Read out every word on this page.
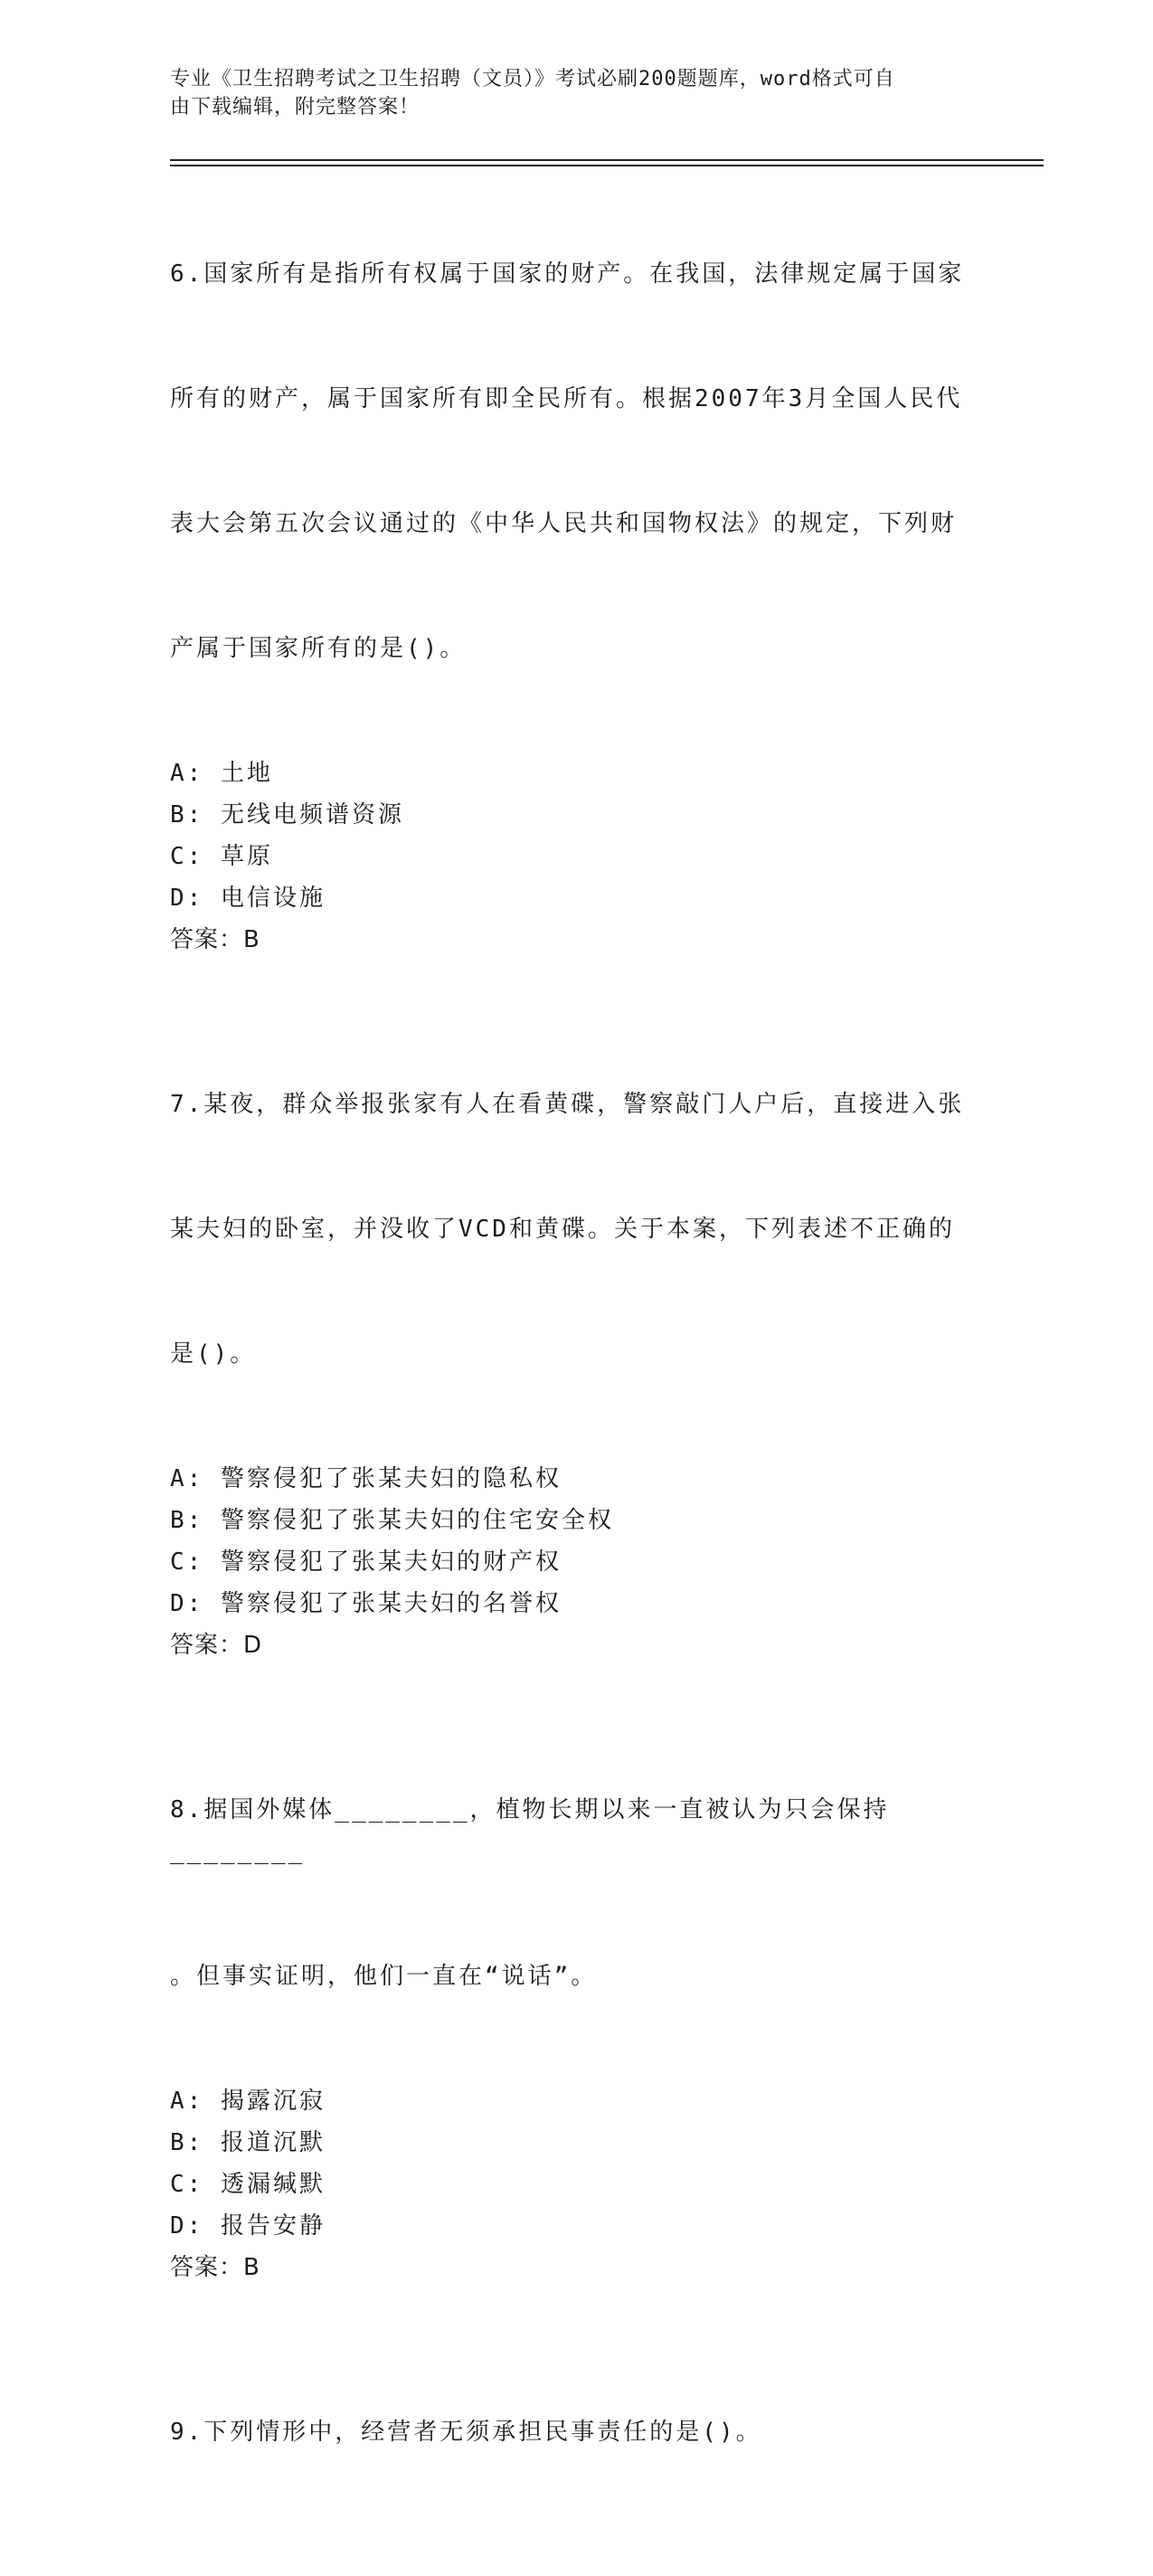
专业《卫生招聘考试之卫生招聘（文员）》考试必刷200题题库，word格式可自
由下载编辑，附完整答案！

6.国家所有是指所有权属于国家的财产。在我国，法律规定属于国家

所有的财产，属于国家所有即全民所有。根据2007年3月全国人民代

表大会第五次会议通过的《中华人民共和国物权法》的规定，下列财

产属于国家所有的是()。

A: 土地
B: 无线电频谱资源
C: 草原
D: 电信设施
答案：B

7.某夜，群众举报张家有人在看黄碟，警察敲门人户后，直接进入张

某夫妇的卧室，并没收了VCD和黄碟。关于本案，下列表述不正确的

是()。

A: 警察侵犯了张某夫妇的隐私权
B: 警察侵犯了张某夫妇的住宅安全权
C: 警察侵犯了张某夫妇的财产权
D: 警察侵犯了张某夫妇的名誉权
答案：D

8.据国外媒体________，植物长期以来一直被认为只会保持________

。但事实证明，他们一直在“说话”。

A: 揭露沉寂
B: 报道沉默
C: 透漏缄默
D: 报告安静
答案：B

9.下列情形中，经营者无须承担民事责任的是()。
